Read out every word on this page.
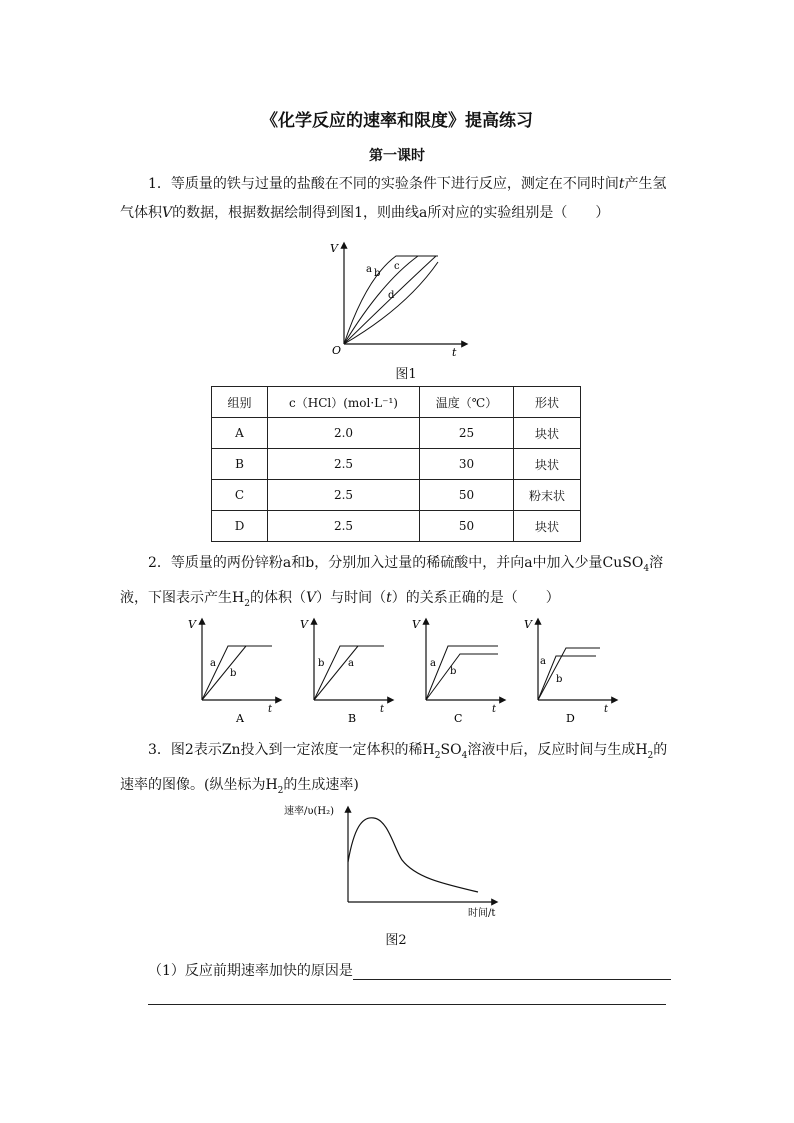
《化学反应的速率和限度》提高练习
第一课时
1．等质量的铁与过量的盐酸在不同的实验条件下进行反应，测定在不同时间t产生氢气体积V的数据，根据数据绘制得到图1，则曲线a所对应的实验组别是（　　）
V
t
O
a b
c
d
图1
组别	c（HCl）(mol·L⁻¹)	温度（℃）	形状
A	2.0	25	块状
B	2.5	30	块状
C	2.5	50	粉末状
D	2.5	50	块状
2．等质量的两份锌粉a和b，分别加入过量的稀硫酸中，并向a中加入少量CuSO$_4$溶液，下图表示产生$H_2$的体积（V）与时间（t）的关系正确的是（　　）
V
t
a
b
A
V
t
b a
B
V
t
a
b
C
V
t
a
b
D
3．图2表示Zn投入到一定浓度一定体积的稀$H_2SO_4$溶液中后，反应时间与生成$H_2$的速率的图像。(纵坐标为$H_2$的生成速率)
速率/υ(H₂)
时间/t
图2
（1）反应前期速率加快的原因是
